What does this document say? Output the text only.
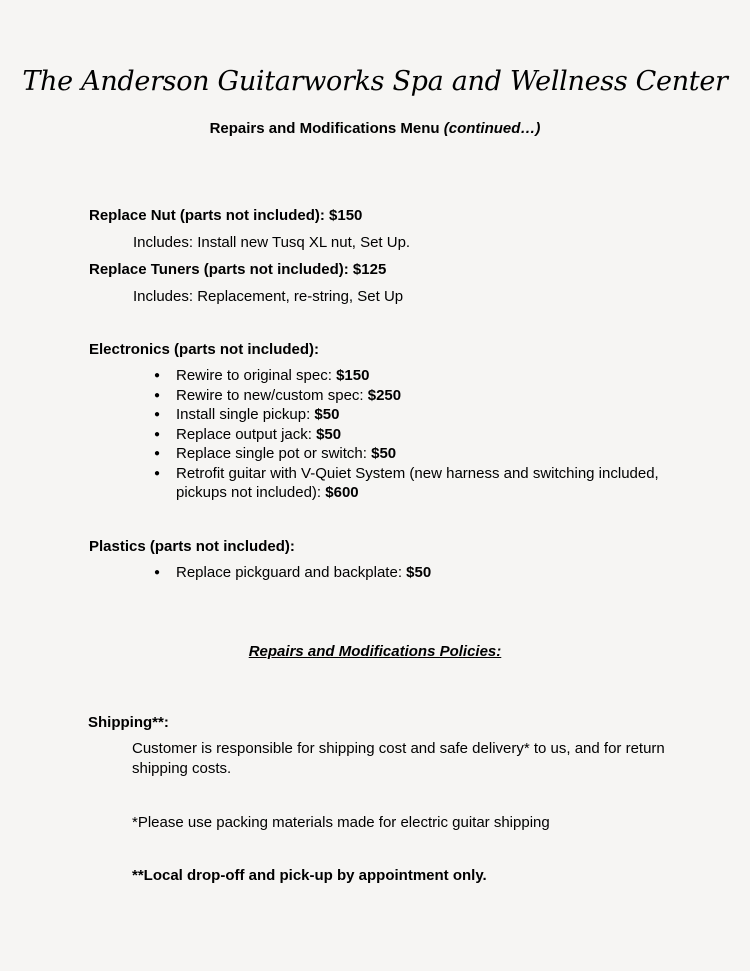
The Anderson Guitarworks Spa and Wellness Center
Repairs and Modifications Menu (continued…)
Replace Nut (parts not included): $150
Includes: Install new Tusq XL nut, Set Up.
Replace Tuners (parts not included): $125
Includes: Replacement, re-string, Set Up
Electronics (parts not included):
● Rewire to original spec: $150
● Rewire to new/custom spec: $250
● Install single pickup: $50
● Replace output jack: $50
● Replace single pot or switch: $50
● Retrofit guitar with V-Quiet System (new harness and switching included, pickups not included): $600
Plastics (parts not included):
● Replace pickguard and backplate: $50
Repairs and Modifications Policies:
Shipping**:
Customer is responsible for shipping cost and safe delivery* to us, and for return shipping costs.
*Please use packing materials made for electric guitar shipping
**Local drop-off and pick-up by appointment only.
